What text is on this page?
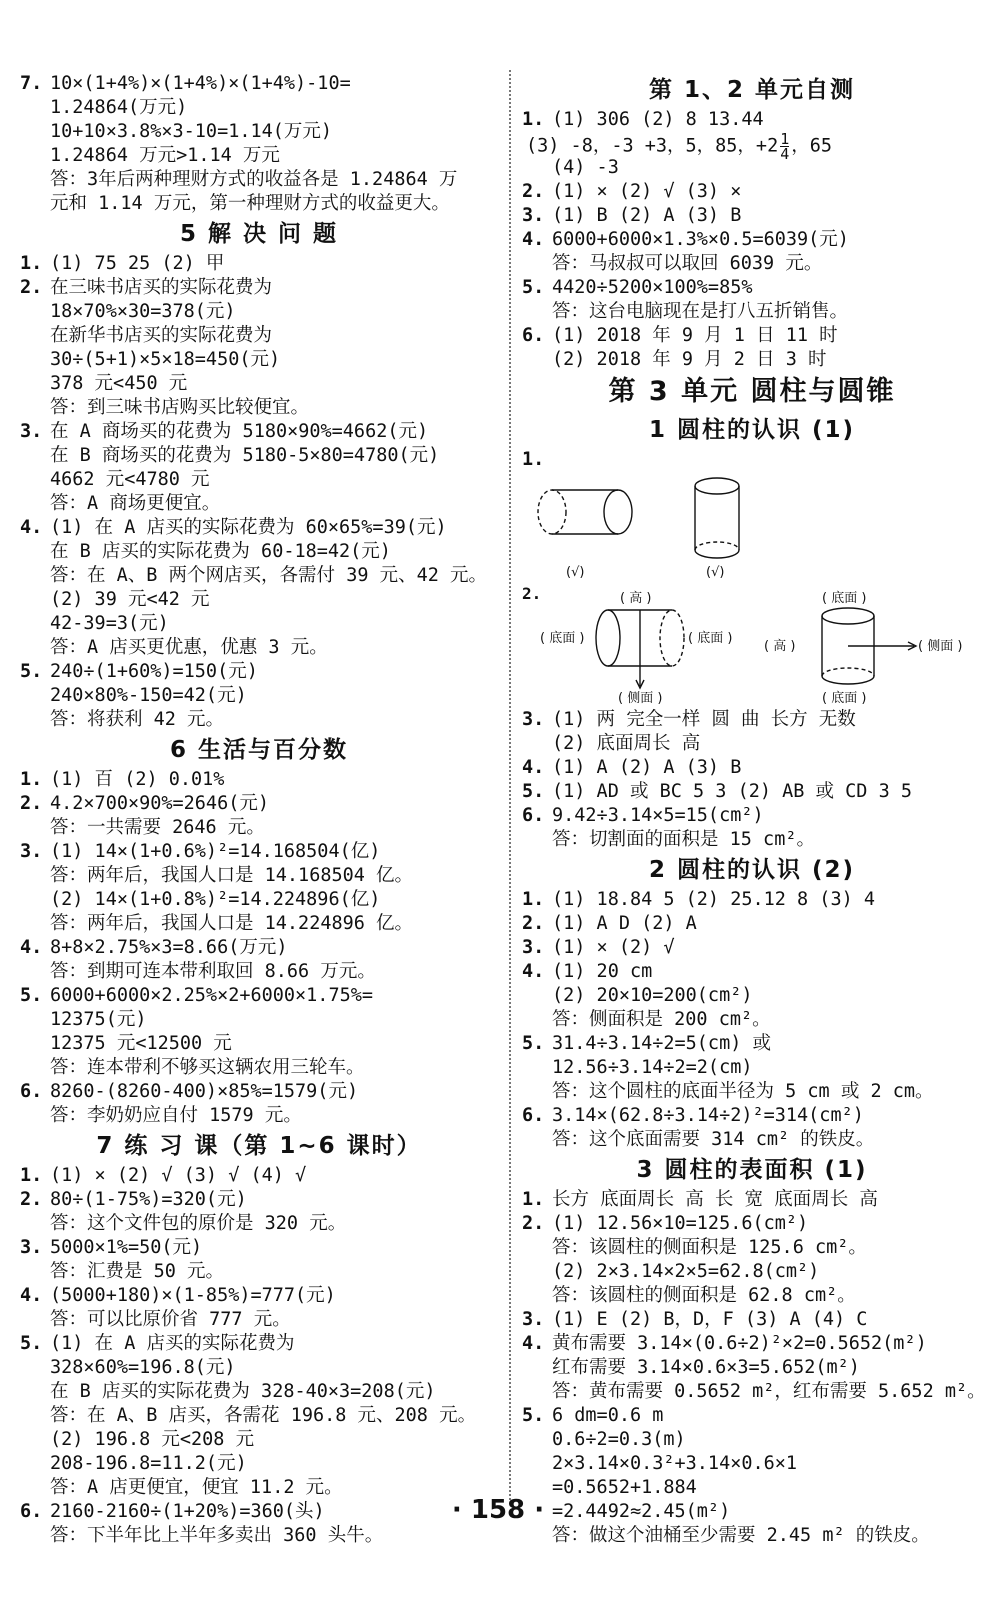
7. 10×(1+4%)×(1+4%)×(1+4%)-10=
1.24864(万元)
10+10×3.8%×3-10=1.14(万元)
1.24864 万元>1.14 万元
答：3年后两种理财方式的收益各是 1.24864 万
元和 1.14 万元，第一种理财方式的收益更大。
5 解 决 问 题
1. (1) 75 25 (2) 甲
2. 在三味书店买的实际花费为
18×70%×30=378(元)
在新华书店买的实际花费为
30÷(5+1)×5×18=450(元)
378 元<450 元
答：到三味书店购买比较便宜。
3. 在 A 商场买的花费为 5180×90%=4662(元)
在 B 商场买的花费为 5180-5×80=4780(元)
4662 元<4780 元
答：A 商场更便宜。
4. (1) 在 A 店买的实际花费为 60×65%=39(元)
在 B 店买的实际花费为 60-18=42(元)
答：在 A、B 两个网店买，各需付 39 元、42 元。
(2) 39 元<42 元
42-39=3(元)
答：A 店买更优惠，优惠 3 元。
5. 240÷(1+60%)=150(元)
240×80%-150=42(元)
答：将获利 42 元。
6 生活与百分数
1. (1) 百 (2) 0.01%
2. 4.2×700×90%=2646(元)
答：一共需要 2646 元。
3. (1) 14×(1+0.6%)²=14.168504(亿)
答：两年后，我国人口是 14.168504 亿。
(2) 14×(1+0.8%)²=14.224896(亿)
答：两年后，我国人口是 14.224896 亿。
4. 8+8×2.75%×3=8.66(万元)
答：到期可连本带利取回 8.66 万元。
5. 6000+6000×2.25%×2+6000×1.75%=
12375(元)
12375 元<12500 元
答：连本带利不够买这辆农用三轮车。
6. 8260-(8260-400)×85%=1579(元)
答：李奶奶应自付 1579 元。
7 练 习 课（第 1~6 课时）
1. (1) × (2) √ (3) √ (4) √
2. 80÷(1-75%)=320(元)
答：这个文件包的原价是 320 元。
3. 5000×1%=50(元)
答：汇费是 50 元。
4. (5000+180)×(1-85%)=777(元)
答：可以比原价省 777 元。
5. (1) 在 A 店买的实际花费为
328×60%=196.8(元)
在 B 店买的实际花费为 328-40×3=208(元)
答：在 A、B 店买，各需花 196.8 元、208 元。
(2) 196.8 元<208 元
208-196.8=11.2(元)
答：A 店更便宜，便宜 11.2 元。
6. 2160-2160÷(1+20%)=360(头)
答：下半年比上半年多卖出 360 头牛。
第 1、2 单元自测
1. (1) 306 (2) 8 13.44
(3) -8，-3 +3，5，85，$+2 \frac{1}{4}$ ，65
(4) -3
2. (1) × (2) √ (3) ×
3. (1) B (2) A (3) B
4. 6000+6000×1.3%×0.5=6039(元)
答：马叔叔可以取回 6039 元。
5. 4420÷5200×100%=85%
答：这台电脑现在是打八五折销售。
6. (1) 2018 年 9 月 1 日 11 时
(2) 2018 年 9 月 2 日 3 时
第 3 单元 圆柱与圆锥
1 圆柱的认识 (1)
1.
(√)	(√)
2.	( 高 )
( 底面 )	( 底面 )
( 侧面 )
( 底面 )
( 高 )	( 侧面 )
( 底面 )
3. (1) 两 完全一样 圆 曲 长方 无数
(2) 底面周长 高
4. (1) A (2) A (3) B
5. (1) AD 或 BC 5 3 (2) AB 或 CD 3 5
6. 9.42÷3.14×5=15(cm²)
答：切割面的面积是 15 cm²。
2 圆柱的认识 (2)
1. (1) 18.84 5 (2) 25.12 8 (3) 4
2. (1) A D (2) A
3. (1) × (2) √
4. (1) 20 cm
(2) 20×10=200(cm²)
答：侧面积是 200 cm²。
5. 31.4÷3.14÷2=5(cm) 或
12.56÷3.14÷2=2(cm)
答：这个圆柱的底面半径为 5 cm 或 2 cm。
6. 3.14×(62.8÷3.14÷2)²=314(cm²)
答：这个底面需要 314 cm² 的铁皮。
3 圆柱的表面积 (1)
1. 长方 底面周长 高 长 宽 底面周长 高
2. (1) 12.56×10=125.6(cm²)
答：该圆柱的侧面积是 125.6 cm²。
(2) 2×3.14×2×5=62.8(cm²)
答：该圆柱的侧面积是 62.8 cm²。
3. (1) E (2) B，D，F (3) A (4) C
4. 黄布需要 3.14×(0.6÷2)²×2=0.5652(m²)
红布需要 3.14×0.6×3=5.652(m²)
答：黄布需要 0.5652 m²，红布需要 5.652 m²。
5. 6 dm=0.6 m
0.6÷2=0.3(m)
2×3.14×0.3²+3.14×0.6×1
=0.5652+1.884
=2.4492≈2.45(m²)
答：做这个油桶至少需要 2.45 m² 的铁皮。
· 158 ·
